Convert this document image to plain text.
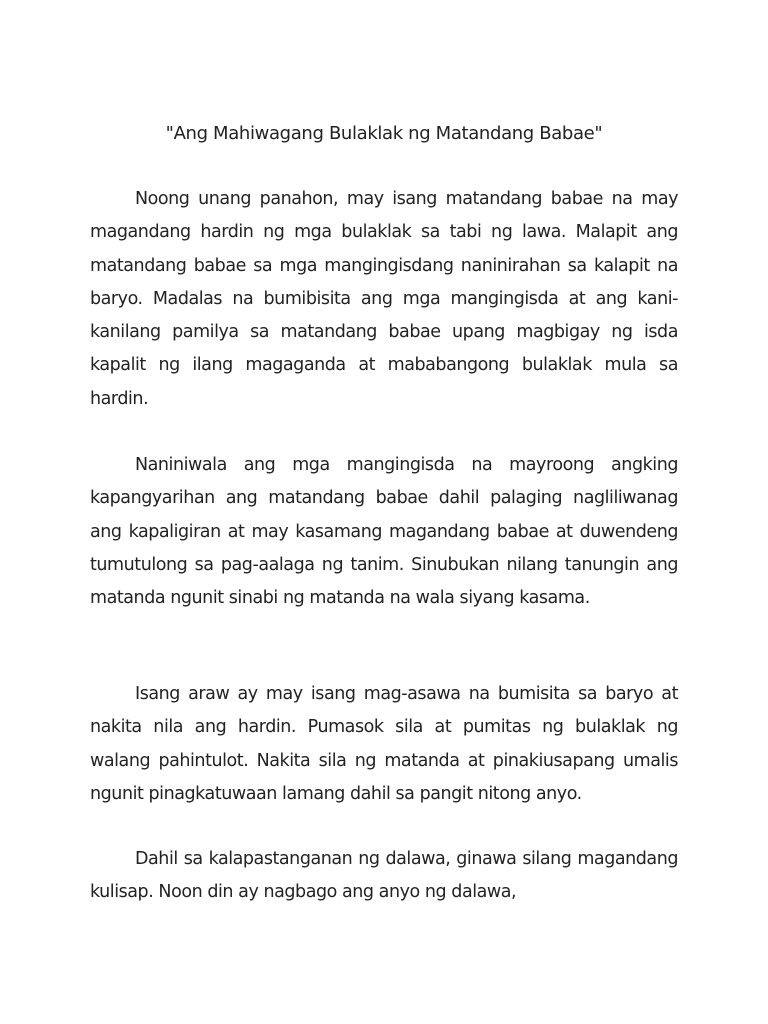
"Ang Mahiwagang Bulaklak ng Matandang Babae"

Noong unang panahon, may isang matandang babae na may magandang hardin ng mga bulaklak sa tabi ng lawa. Malapit ang matandang babae sa mga mangingisdang naninirahan sa kalapit na baryo. Madalas na bumibisita ang mga mangingisda at ang kani-kanilang pamilya sa matandang babae upang magbigay ng isda kapalit ng ilang magaganda at mababangong bulaklak mula sa hardin.

Naniniwala ang mga mangingisda na mayroong angking kapangyarihan ang matandang babae dahil palaging nagliliwanag ang kapaligiran at may kasamang magandang babae at duwendeng tumutulong sa pag-aalaga ng tanim. Sinubukan nilang tanungin ang matanda ngunit sinabi ng matanda na wala siyang kasama.

Isang araw ay may isang mag-asawa na bumisita sa baryo at nakita nila ang hardin. Pumasok sila at pumitas ng bulaklak ng walang pahintulot. Nakita sila ng matanda at pinakiusapang umalis ngunit pinagkatuwaan lamang dahil sa pangit nitong anyo.

Dahil sa kalapastanganan ng dalawa, ginawa silang magandang kulisap. Noon din ay nagbago ang anyo ng dalawa,
